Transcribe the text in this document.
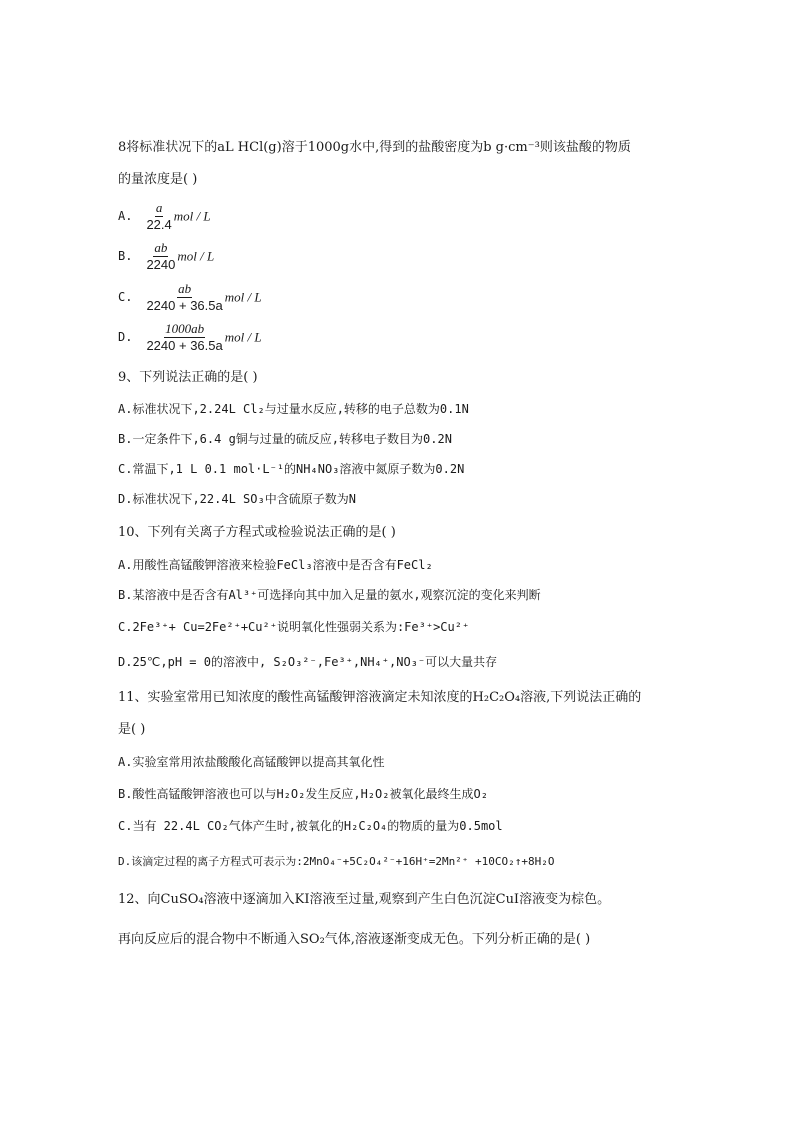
8将标准状况下的aL HCl(g)溶于1000g水中,得到的盐酸密度为b g·cm⁻³则该盐酸的物质
的量浓度是( )
A. $\frac{a}{22.4}$ mol / L
B. $\frac{ab}{2240}$ mol / L
C. $\frac{ab}{2240 + 36.5a}$ mol / L
D. $\frac{1000ab}{2240 + 36.5a}$ mol / L
9、下列说法正确的是( )
A.标准状况下,2.24L Cl₂与过量水反应,转移的电子总数为0.1N
B.一定条件下,6.4 g铜与过量的硫反应,转移电子数目为0.2N
C.常温下,1 L 0.1 mol·L⁻¹的NH₄NO₃溶液中氮原子数为0.2N
D.标准状况下,22.4L SO₃中含硫原子数为N
10、下列有关离子方程式或检验说法正确的是( )
A.用酸性高锰酸钾溶液来检验FeCl₃溶液中是否含有FeCl₂
B.某溶液中是否含有Al³⁺可选择向其中加入足量的氨水,观察沉淀的变化来判断
C.2Fe³⁺+ Cu=2Fe²⁺+Cu²⁺说明氧化性强弱关系为:Fe³⁺>Cu²⁺
D.25℃,pH = 0的溶液中, S₂O₃²⁻,Fe³⁺,NH₄⁺,NO₃⁻可以大量共存
11、实验室常用已知浓度的酸性高锰酸钾溶液滴定未知浓度的H₂C₂O₄溶液,下列说法正确的
是( )
A.实验室常用浓盐酸酸化高锰酸钾以提高其氧化性
B.酸性高锰酸钾溶液也可以与H₂O₂发生反应,H₂O₂被氧化最终生成O₂
C.当有 22.4L CO₂气体产生时,被氧化的H₂C₂O₄的物质的量为0.5mol
D.该滴定过程的离子方程式可表示为:2MnO₄⁻+5C₂O₄²⁻+16H⁺=2Mn²⁺ +10CO₂↑+8H₂O
12、向CuSO₄溶液中逐滴加入KI溶液至过量,观察到产生白色沉淀CuI溶液变为棕色。
再向反应后的混合物中不断通入SO₂气体,溶液逐渐变成无色。下列分析正确的是( )
